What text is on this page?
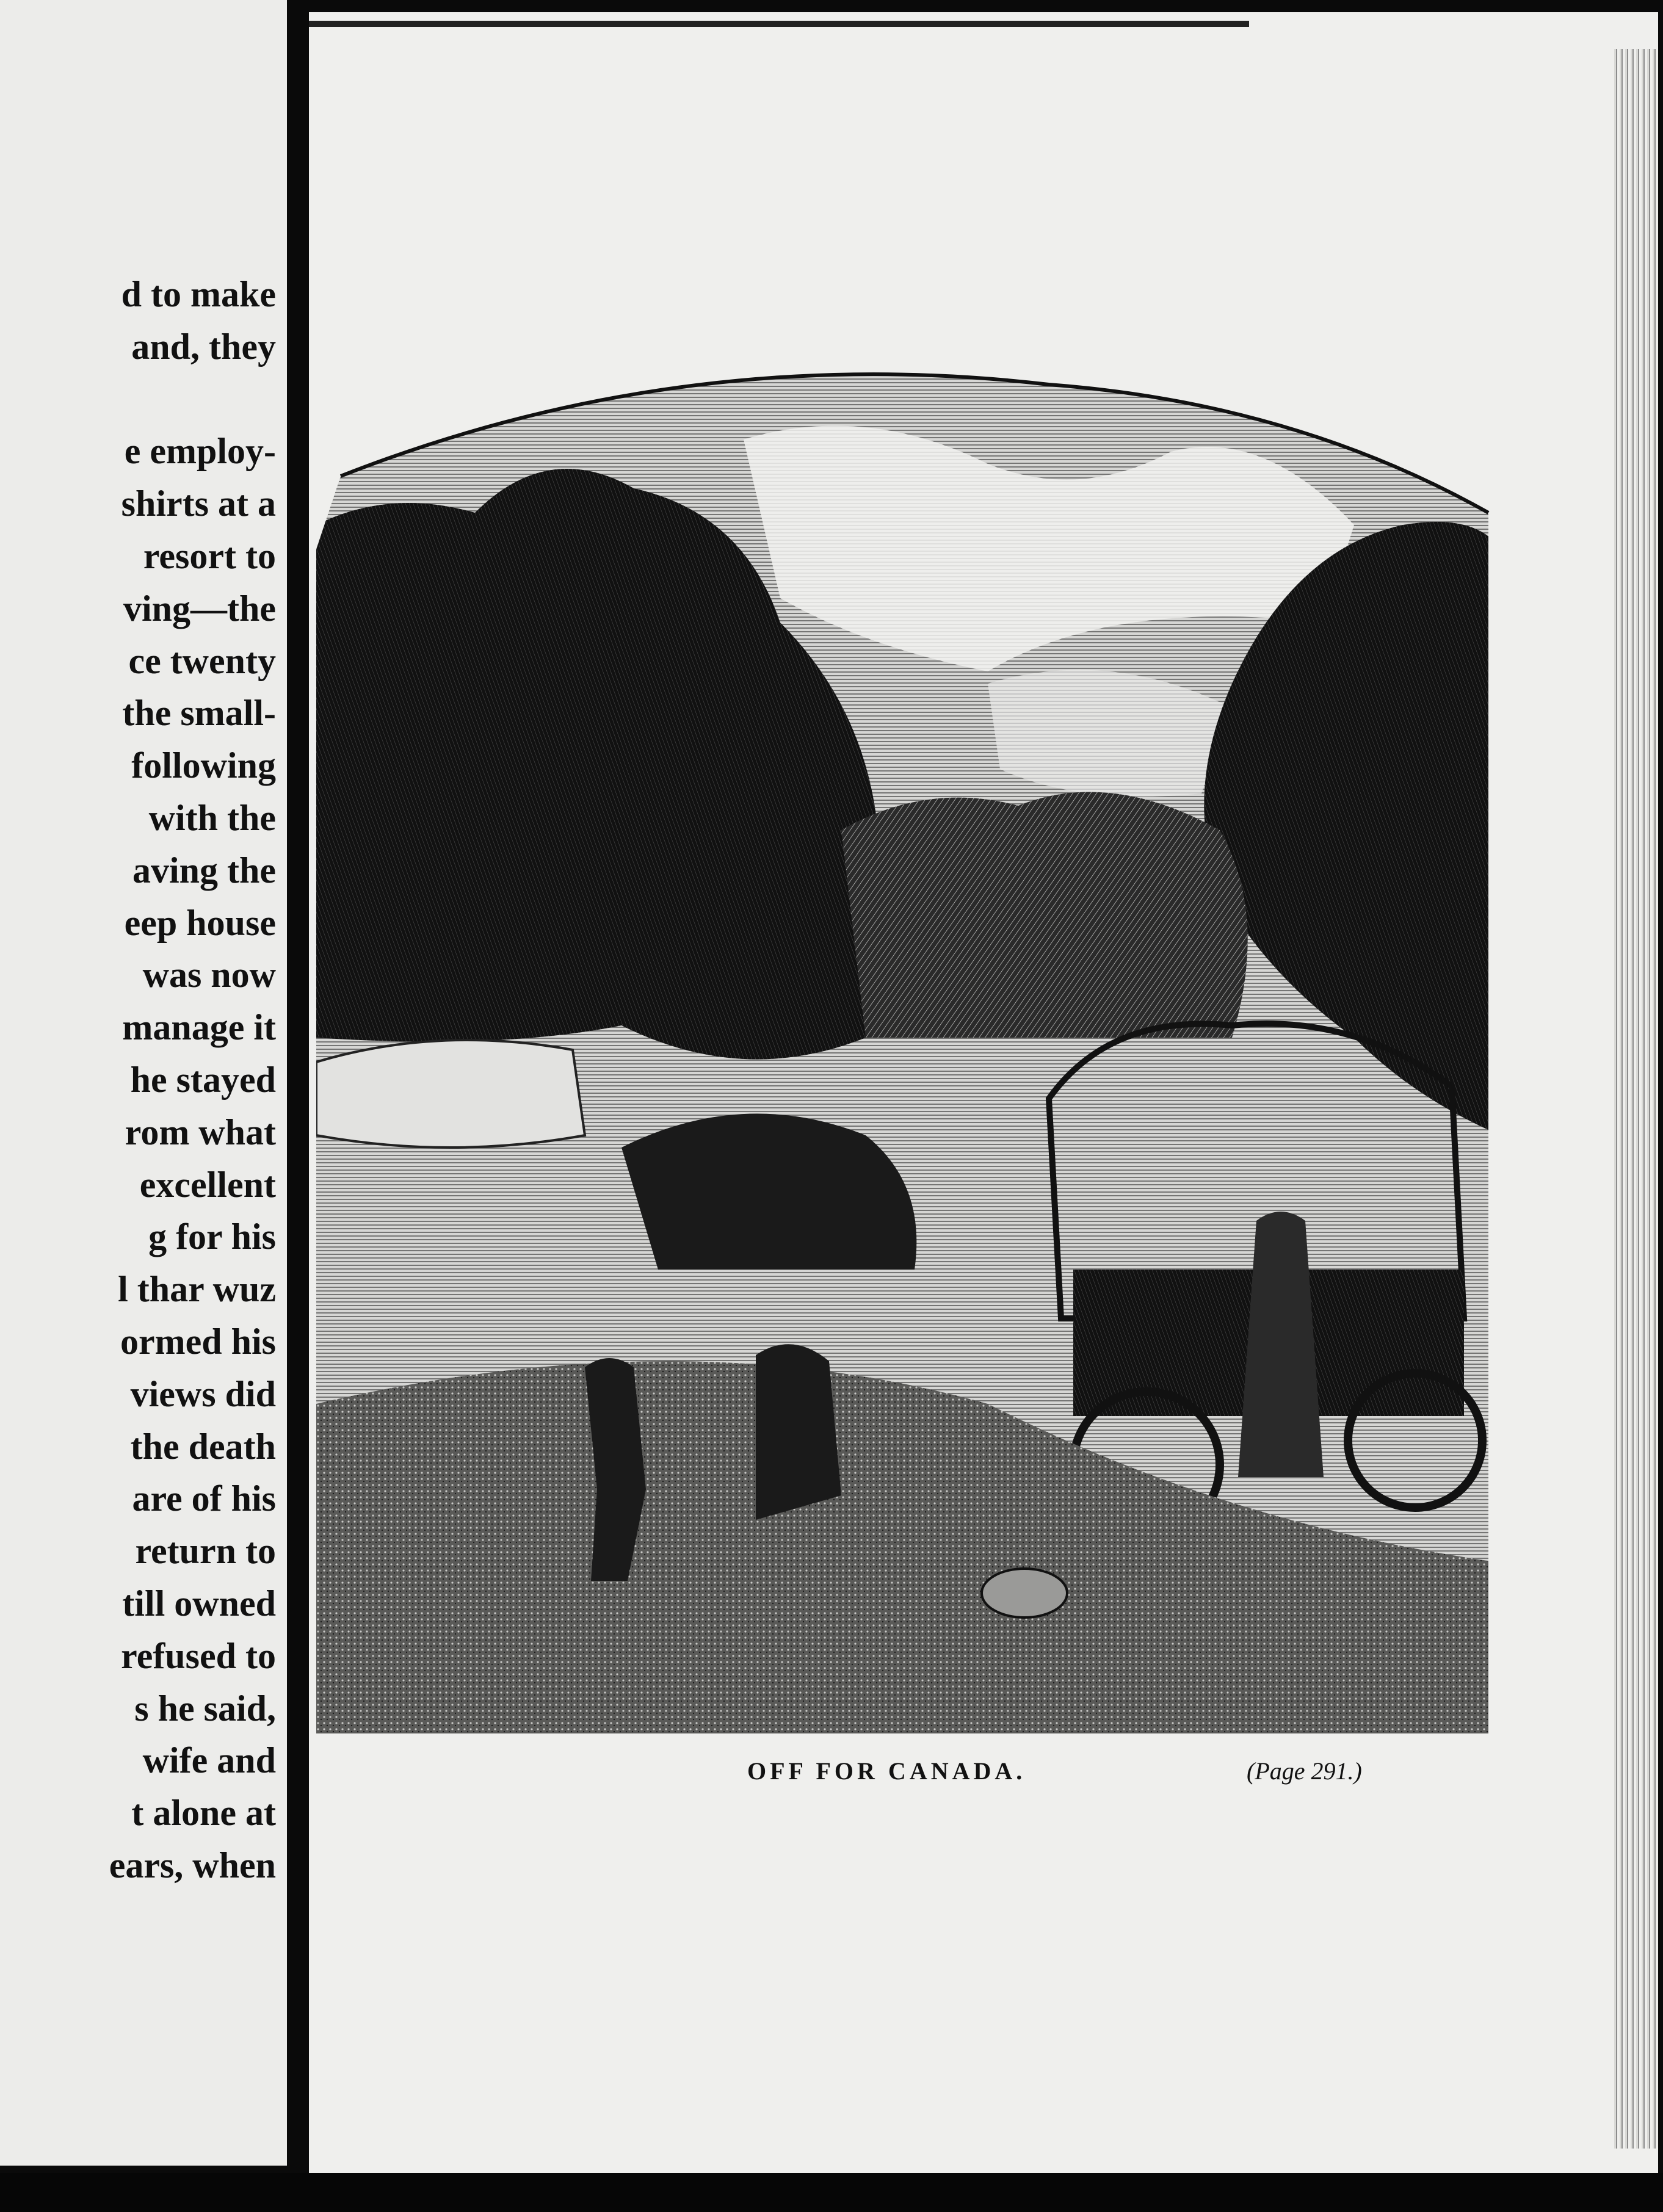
d to make
and, they
e employ-
shirts at a
resort to
ving—the
ce twenty
the small-
following
with the
aving the
eep house
was now
manage it
he stayed
rom what
excellent
g for his
l thar wuz
ormed his
views did
the death
are of his
return to
till owned
refused to
s he said,
wife and
t alone at
ears, when
OFF FOR CANADA.	(Page 291.)
